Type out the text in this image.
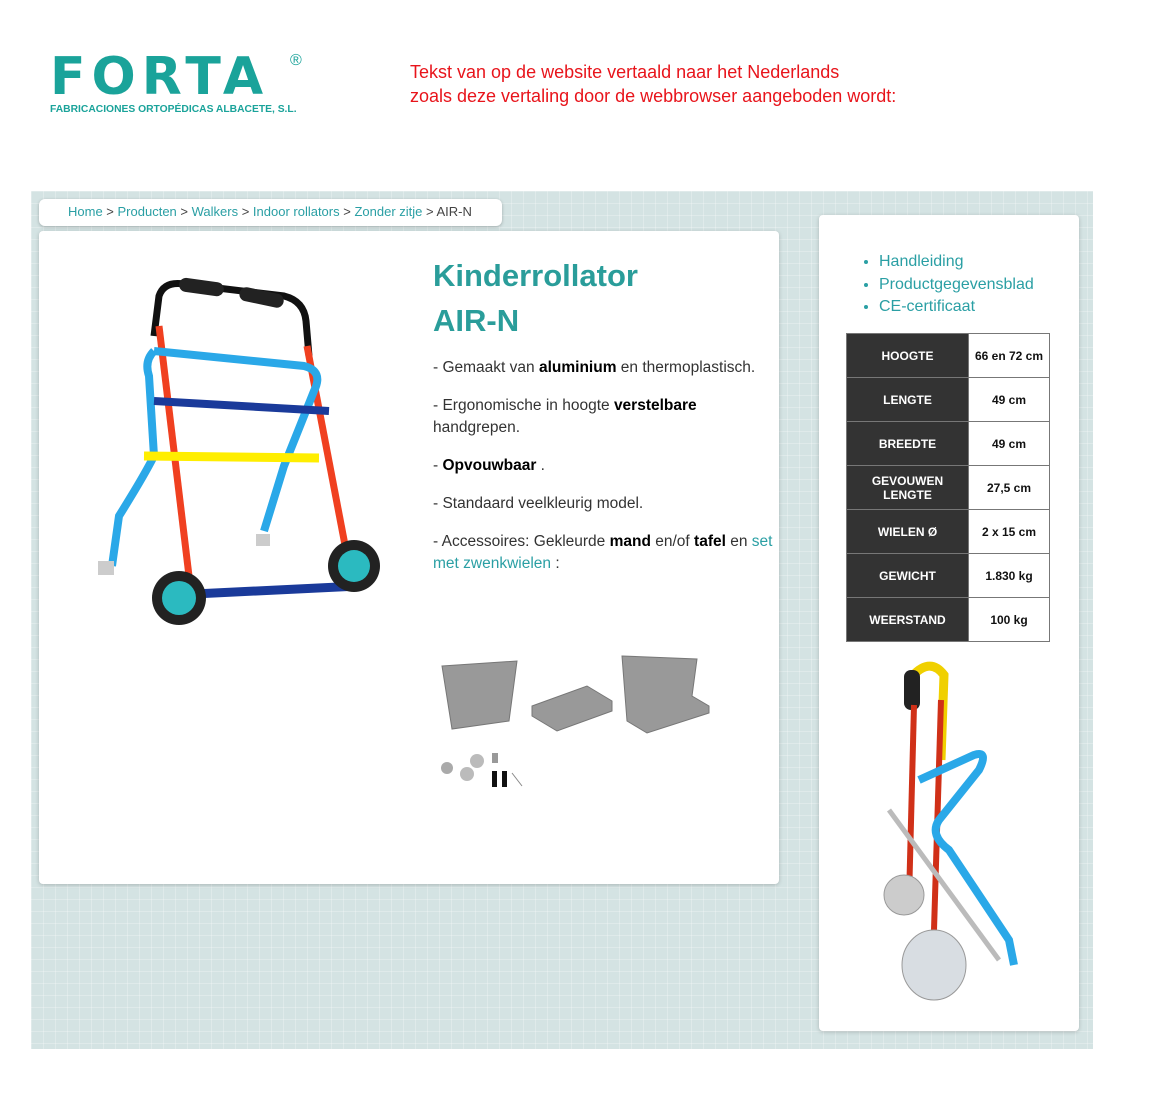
FORTA	®
FABRICACIONES ORTOPÉDICAS ALBACETE, S.L.
Tekst van op de website vertaald naar het Nederlands
zoals deze vertaling door de webbrowser aangeboden wordt:
Home > Producten > Walkers > Indoor rollators > Zonder zitje > AIR-N
Kinderrollator
AIR-N

- Gemaakt van aluminium en thermoplastisch.

- Ergonomische in hoogte verstelbare handgrepen.

- Opvouwbaar .

- Standaard veelkleurig model.

- Accessoires: Gekleurde mand en/of tafel en set met zwenkwielen :

• Handleiding
• Productgegevensblad
• CE-certificaat
HOOGTE	66 en 72 cm
LENGTE	49 cm
BREEDTE	49 cm
GEVOUWEN LENGTE	27,5 cm
WIELEN Ø	2 x 15 cm
GEWICHT	1.830 kg
WEERSTAND	100 kg
